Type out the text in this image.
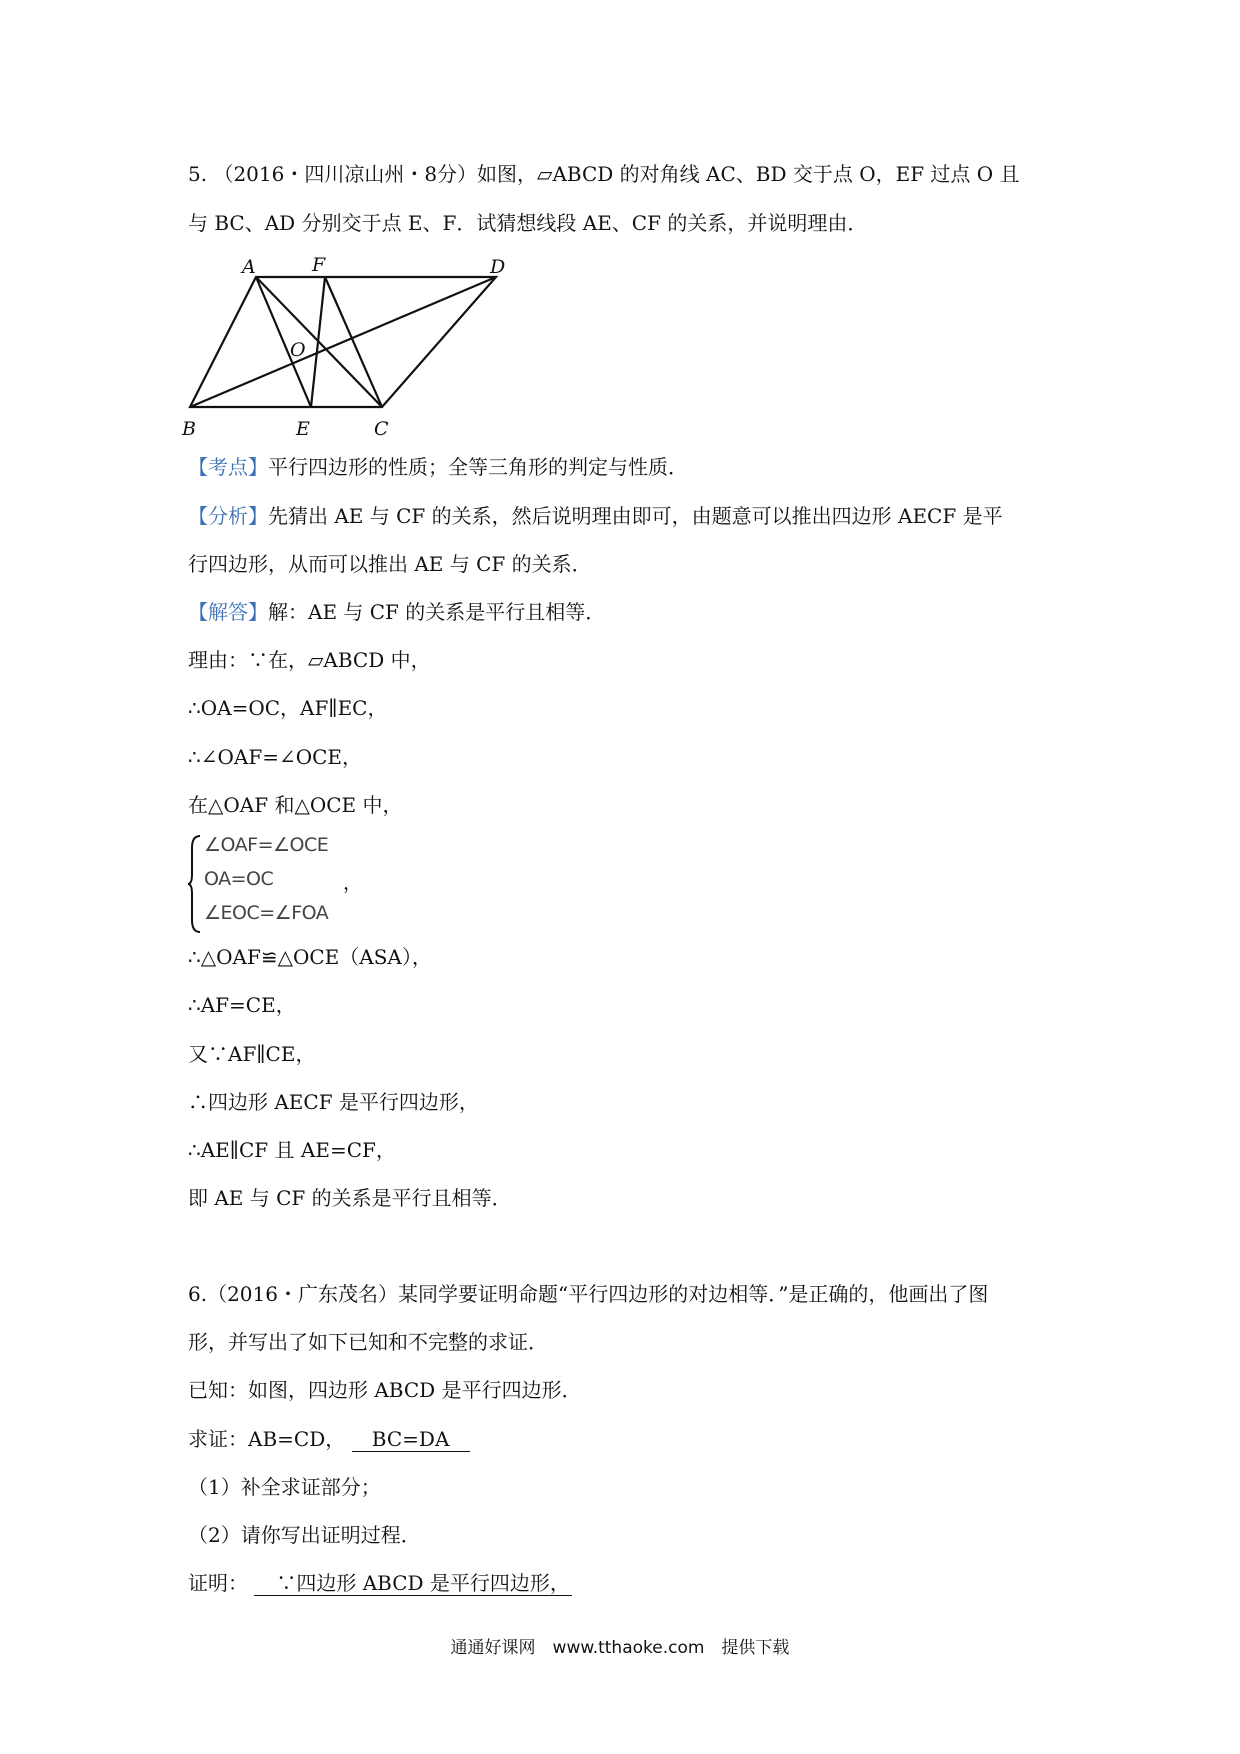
5. （2016・四川凉山州・8分）如图，▱ABCD 的对角线 AC、BD 交于点 O，EF 过点 O 且
与 BC、AD 分别交于点 E、F．试猜想线段 AE、CF 的关系，并说明理由．
A	F	D
O
B	E	C
【考点】平行四边形的性质；全等三角形的判定与性质．
【分析】先猜出 AE 与 CF 的关系，然后说明理由即可，由题意可以推出四边形 AECF 是平
行四边形，从而可以推出 AE 与 CF 的关系．
【解答】解：AE 与 CF 的关系是平行且相等．
理由：∵在，▱ABCD 中，
∴OA=OC，AF∥EC，
∴∠OAF=∠OCE，
在△OAF 和△OCE 中，
∠OAF=∠OCE
OA=OC
∠EOC=∠FOA
，
∴△OAF≌△OCE（ASA），
∴AF=CE，
又∵AF∥CE，
∴四边形 AECF 是平行四边形，
∴AE∥CF 且 AE=CF，
即 AE 与 CF 的关系是平行且相等．
6.（2016・广东茂名）某同学要证明命题“平行四边形的对边相等．”是正确的，他画出了图
形，并写出了如下已知和不完整的求证．
已知：如图，四边形 ABCD 是平行四边形．
求证：AB=CD， BC=DA
（1）补全求证部分；
（2）请你写出证明过程．
证明： ∵四边形 ABCD 是平行四边形，
通通好课网　www.tthaoke.com　提供下载
